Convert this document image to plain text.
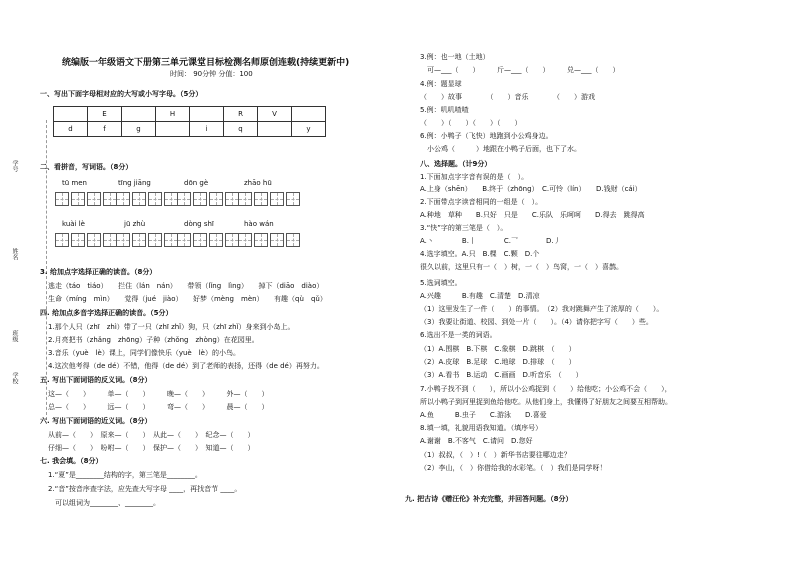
学号
姓名
班级
学校
统编版一年级语文下册第三单元课堂目标检测名师原创连载(持续更新中)
时间： 90分钟 分值：100
一、写出下面字母相对应的大写或小写字母。（5分）
	E		H		R	V	
d	f	g		i	q		y
二、看拼音，写词语。（8分）
tū men	tīng jiāng	dōn gè	zhāo hū
kuài lè	jū zhù	dòng shī	hào wán
3. 给加点字选择正确的读音。（8分）
逃走（táo　tiáo）　　拦住（lán　nán）　　带领（lǐng　lìng）　　掉下（diāo　diào）
生命（míng　mìn）　　觉得（jué　jiào）　　好梦（mèng　mèn）　　有趣（qù　qǔ）
四. 给加点多音字选择正确的读音。（5分）
1.那个人只（zhī　zhì）带了一只（zhī zhǐ）狗，只（zhī zhǐ）身来到小岛上。
2.月亮把书（zhǎng　zhōng）子种（zhǒng　zhòng）在花园里。
3.音乐（yuè　lè）课上，同学们像快乐（yuè　lè）的小鸟。
4.这次他考得（de dé）不错，他得（de dé）到了老师的表扬，还得（de dé）再努力。
五. 写出下面词语的反义词。（8分）
这—（　　）　　　单—（　　）　　　晚—（　　）　　　外—（　　）
总—（　　）　　　远—（　　）　　　弯—（　　）　　　晨—（　　）
六. 写出下面词语的近义词。（8分）
从前—（　　）　原来—（　　）　从此—（　　）　纪念—（　　）
仔细—（　　）　吩咐—（　　）　保护—（　　）　知道—（　　）
七. 我会填。（8分）
1.“夏”是________结构的字，第三笔是________。
2.“音”按音序查字法，应先查大写字母 ____，再找音节 ____。
　可以组词为________、________。
3.例：也一地（土地）
　可—___（　　）　　　斤—___（　　）　　　兑—___（　　）
4.例：题显球
（　　）故事　　　　（　　）音乐　　　　（　　）游戏
5.例：叽叽喳喳
（　　）（　　）（　　）（　　）
6.例：小鸭子（飞快）地跑到小公鸡身边。
　小公鸡（　　　）地跟在小鸭子后面，也下了水。
八、选择题。（计9分）
1.下面加点字字音有误的是（　）。
A.上身（shēn）　　B.终于（zhōng）　C.可怜（lín）　　D.钱财（cái）
2.下面带点字读音相同的一组是（　）。
A.种地　草种　　B.只好　只是　　C.乐队　乐呵呵　　D.得去　跳得高
3.“快”字的第三笔是（　）。
A.丶　　　　B.丨　　　　C.乛　　　　D.丿
4.选字填空。A.只　B.棵　C.颗　D.个
很久以前，这里只有一（　）树，一（　）鸟窝，一（　）喜鹊。
5.选词填空。
A.兴趣　　　B.有趣　C.清楚　D.清凉
（1）这里发生了一件（　　）的事情。　（2）我对跳舞产生了浓厚的（　　）。
（3）我要让街道、校园、到处一片（　　）。（4）请你把字写（　　）些。
6.选出不是一类的词语。
（1）A.围棋　B.下棋　C.象棋　D.跳棋　（　　）
（2）A.皮球　B.足球　C.地球　D.排球　（　　）
（3）A.看书　B.运动　C.画画　D.听音乐　（　　）
7.小鸭子找不到（　　），所以小公鸡捉到（　　）给他吃；小公鸡不会（　　），
所以小鸭子到河里捉到鱼给他吃。从他们身上，我懂得了好朋友之间要互相帮助。
A.鱼　　　B.虫子　　C.游泳　　D.喜爱
8.填一填，礼貌用语我知道。（填序号）
A.谢谢　B.不客气　C.请问　D.您好
（1）叔叔，（　）!（　）新华书店要往哪边走？
（2）李山，（　）你借给我的水彩笔。（　）我们是同学呀！
九. 把古诗《赠汪伦》补充完整，并回答问题。（8分）
